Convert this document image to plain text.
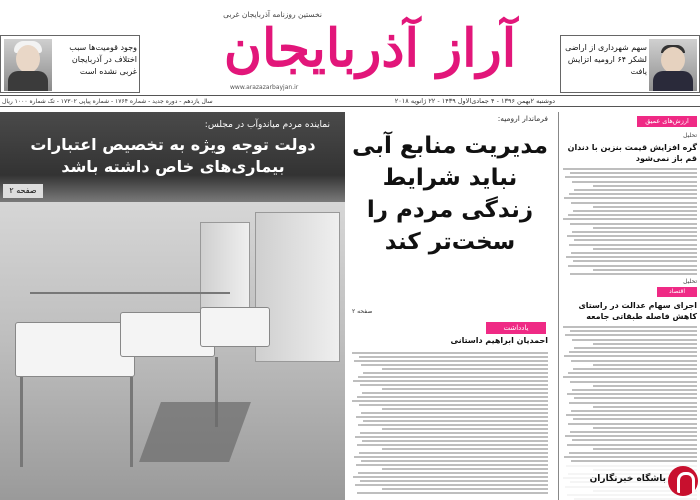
نخستین روزنامه آذربایجان غربی
آراز آذربایجان
www.arazazarbayjan.ir
وجود قومیت‌ها سبب اختلاف در آذربایجان غربی نشده است
سهم شهرداری از اراضی لشکر ۶۴ ارومیه اتزایش یافت
سال یازدهم - دوره جدید - شماره ۱۷۶۴ - شماره پیاپی ۱۷۳۰۲ - تک شماره ۱۰۰۰ ریال	دوشنبه ۲بهمن ۱۳۹۶ - ۴ جمادی‌الاول ۱۴۳۹ - ۲۲ ژانویه ۲۰۱۸
نماینده مردم میاندوآب در مجلس:
دولت توجه ویژه به تخصیص اعتبارات بیماری‌های خاص داشته باشد
صفحه ۲
فرماندار ارومیه:
مدیریت منابع آبی نباید شرایط زندگی مردم را سخت‌تر کند
صفحه ۲
یادداشت
احمدیان ابراهیم داستانی
ارزش‌های عمیق
تحلیل
گره افزایش قیمت بنزین با دندان قم باز نمی‌شود
تحلیل
اقتصاد
اجرای سهام عدالت در راستای کاهش فاصله طبقاتی جامعه
باشگاه خبرنگاران
